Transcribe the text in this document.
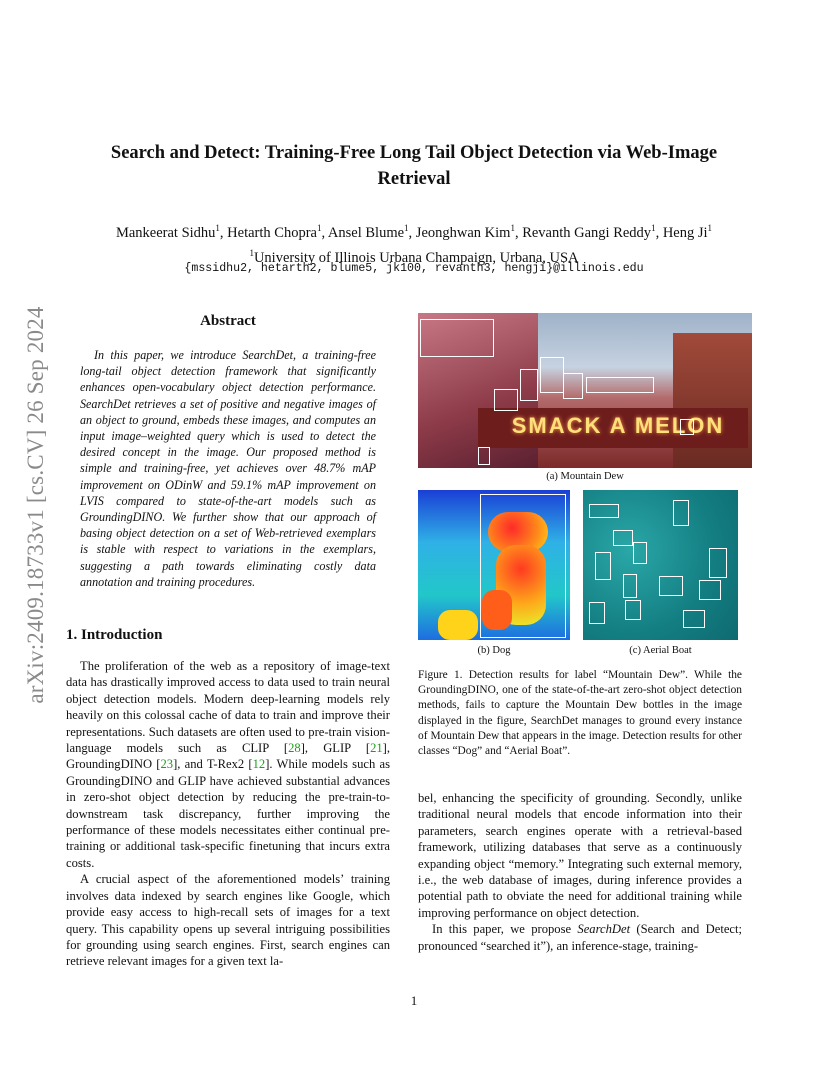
arXiv:2409.18733v1 [cs.CV] 26 Sep 2024
Search and Detect: Training-Free Long Tail Object Detection via Web-Image
Retrieval
Mankeerat Sidhu$^1$, Hetarth Chopra$^1$, Ansel Blume$^1$, Jeonghwan Kim$^1$, Revanth Gangi Reddy$^1$, Heng Ji$^1$
$^1$University of Illinois Urbana Champaign, Urbana, USA
{mssidhu2, hetarth2, blume5, jk100, revanth3, hengji}@illinois.edu
Abstract
In this paper, we introduce SearchDet, a training-free long-tail object detection framework that significantly enhances open-vocabulary object detection performance. SearchDet retrieves a set of positive and negative images of an object to ground, embeds these images, and computes an input image–weighted query which is used to detect the desired concept in the image. Our proposed method is simple and training-free, yet achieves over 48.7% mAP improvement on ODinW and 59.1% mAP improvement on LVIS compared to state-of-the-art models such as GroundingDINO. We further show that our approach of basing object detection on a set of Web-retrieved exemplars is stable with respect to variations in the exemplars, suggesting a path towards eliminating costly data annotation and training procedures.
1. Introduction

The proliferation of the web as a repository of image-text data has drastically improved access to data used to train neural object detection models. Modern deep-learning models rely heavily on this colossal cache of data to train and improve their representations. Such datasets are often used to pre-train vision-language models such as CLIP [28], GLIP [21], GroundingDINO [23], and T-Rex2 [12]. While models such as GroundingDINO and GLIP have achieved substantial advances in zero-shot object detection by reducing the pre-train-to-downstream task discrepancy, further improving the performance of these models necessitates either continual pre-training or additional task-specific finetuning that incurs extra costs.

A crucial aspect of the aforementioned models’ training involves data indexed by search engines like Google, which provide easy access to high-recall sets of images for a text query. This capability opens up several intriguing possibilities for grounding using search engines. First, search engines can retrieve relevant images for a given text la-

bel, enhancing the specificity of grounding. Secondly, unlike traditional neural models that encode information into their parameters, search engines operate with a retrieval-based framework, utilizing databases that serve as a continuously expanding object “memory.” Integrating such external memory, i.e., the web database of images, during inference provides a potential path to obviate the need for additional training while improving performance on object detection.

In this paper, we propose SearchDet (Search and Detect; pronounced “searched it”), an inference-stage, training-

SMACK A MELON
(a) Mountain Dew
(b) Dog	(c) Aerial Boat
Figure 1. Detection results for label “Mountain Dew”. While the GroundingDINO, one of the state-of-the-art zero-shot object detection methods, fails to capture the Mountain Dew bottles in the image displayed in the figure, SearchDet manages to ground every instance of Mountain Dew that appears in the image. Detection results for other classes “Dog” and “Aerial Boat”.
1
